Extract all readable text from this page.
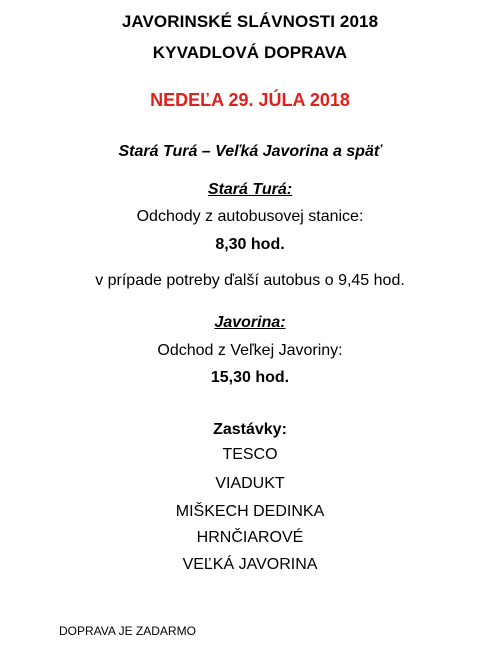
JAVORINSKÉ SLÁVNOSTI 2018
KYVADLOVÁ DOPRAVA
NEDEĽA 29. JÚLA 2018
Stará Turá – Veľká Javorina a späť
Stará Turá:
Odchody z autobusovej stanice:
8,30 hod.
v prípade potreby ďalší autobus o 9,45 hod.
Javorina:
Odchod z Veľkej Javoriny:
15,30 hod.
Zastávky:
TESCO
VIADUKT
MIŠKECH DEDINKA
HRNČIAROVÉ
VEĽKÁ JAVORINA
DOPRAVA JE ZADARMO
